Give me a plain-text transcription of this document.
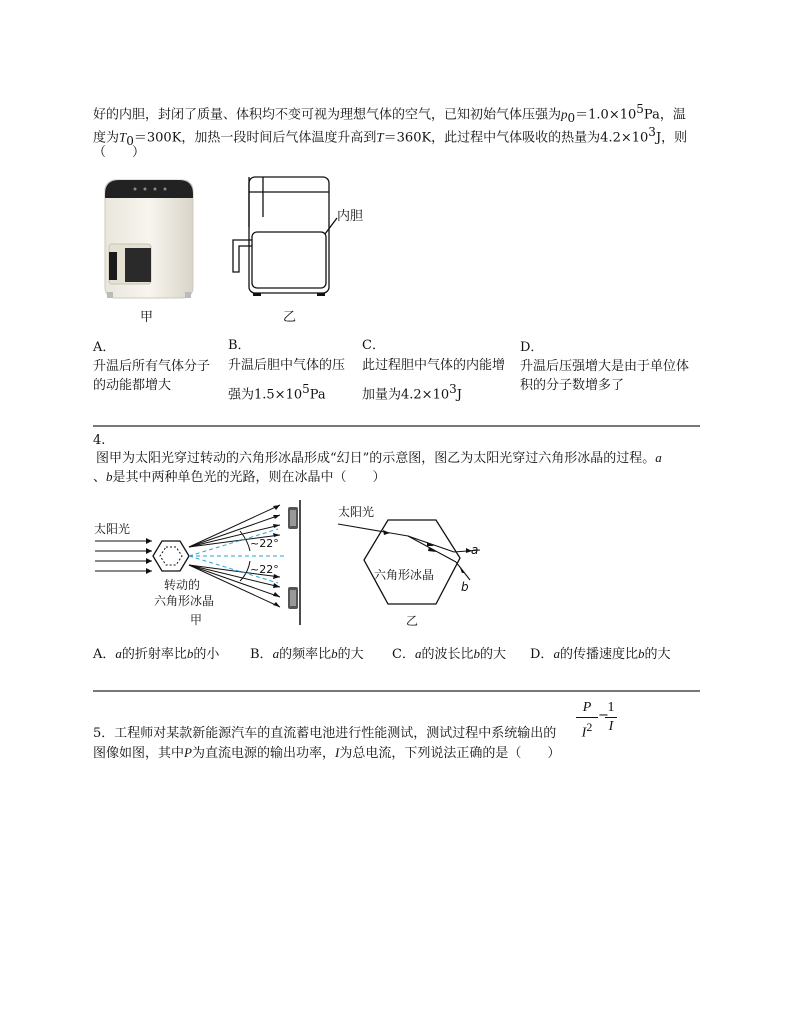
好的内胆，封闭了质量、体积均不变可视为理想气体的空气，已知初始气体压强为$p_0=1.0\times 10^5Pa$，温
度为$T_0=300K$，加热一段时间后气体温度升高到T＝360K，此过程中气体吸收的热量为$4.2\times 10^3J$，则
（　　）
甲
内胆
乙
A．
升温后所有气体分子
的动能都增大
B．
升温后胆中气体的压
强为$1.5\times 10^5Pa$
C．
此过程胆中气体的内能增
加量为$4.2\times 10^3J$
D．
升温后压强增大是由于单位体
积的分子数增多了
4.
图甲为太阳光穿过转动的六角形冰晶形成“幻日”的示意图，图乙为太阳光穿过六角形冰晶的过程。a
、b是其中两种单色光的光路，则在冰晶中（　　）
太阳光
~22°
~22°
转动的
六角形冰晶
甲
太阳光
六角形冰晶
a
b
乙
A．a的折射率比b的小 B．a的频率比b的大 C．a的波长比b的大 D．a的传播速度比b的大
5．工程师对某款新能源汽车的直流蓄电池进行性能测试，测试过程中系统输出的
P
$I^2$
−
1
I
图像如图，其中P为直流电源的输出功率，I为总电流，下列说法正确的是（　　）
